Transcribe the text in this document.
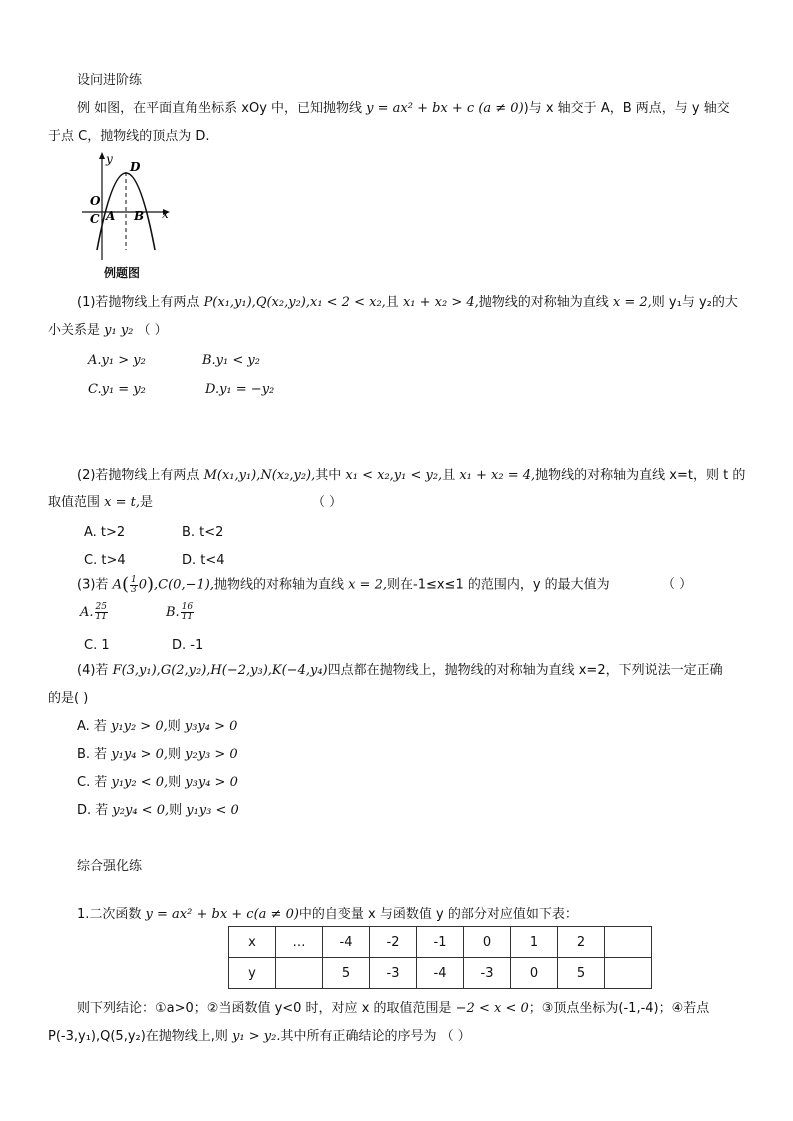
设问进阶练
例 如图，在平面直角坐标系 xOy 中，已知抛物线 y = ax² + bx + c (a ≠ 0))与 x 轴交于 A，B 两点，与 y 轴交
于点 C，抛物线的顶点为 D.
y
D
O
C A B x
例题图
(1)若抛物线上有两点 P(x₁,y₁),Q(x₂,y₂),x₁ < 2 < x₂,且 x₁ + x₂ > 4,抛物线的对称轴为直线 x = 2,则 y₁与 y₂的大
小关系是 y₁ y₂ （ ）
A.y₁ > y₂	B.y₁ < y₂
C.y₁ = y₂	D.y₁ = −y₂
(2)若抛物线上有两点 M(x₁,y₁),N(x₂,y₂),其中 x₁ < x₂,y₁ < y₂,且 x₁ + x₂ = 4,抛物线的对称轴为直线 x=t，则 t 的
取值范围 x = t,是	（ ）
A. t>2	B. t<2
C. t>4	D. t<4
(3)若 $A( \frac{1}{3} 0),C(0,-1)$,抛物线的对称轴为直线 x = 2,则在-1≤x≤1 的范围内，y 的最大值为	（ ）
A. $\frac{25}{11}$	B. $\frac{16}{11}$
C. 1	D. -1
(4)若 F(3,y₁),G(2,y₂),H(−2,y₃),K(−4,y₄)四点都在抛物线上，抛物线的对称轴为直线 x=2，下列说法一定正确
的是( )
A. 若 y₁y₂ > 0,则 y₃y₄ > 0
B. 若 y₁y₄ > 0,则 y₂y₃ > 0
C. 若 y₁y₂ < 0,则 y₃y₄ > 0
D. 若 y₂y₄ < 0,则 y₁y₃ < 0
综合强化练
1.二次函数 y = ax² + bx + c(a ≠ 0)中的自变量 x 与函数值 y 的部分对应值如下表：
x	…	-4	-2	-1	0	1	2	
y		5	-3	-4	-3	0	5	
则下列结论：①a>0；②当函数值 y<0 时，对应 x 的取值范围是 −2 < x < 0；③顶点坐标为(-1,-4)；④若点
P(-3,y₁),Q(5,y₂)在抛物线上,则 y₁ > y₂.其中所有正确结论的序号为 （ ）
